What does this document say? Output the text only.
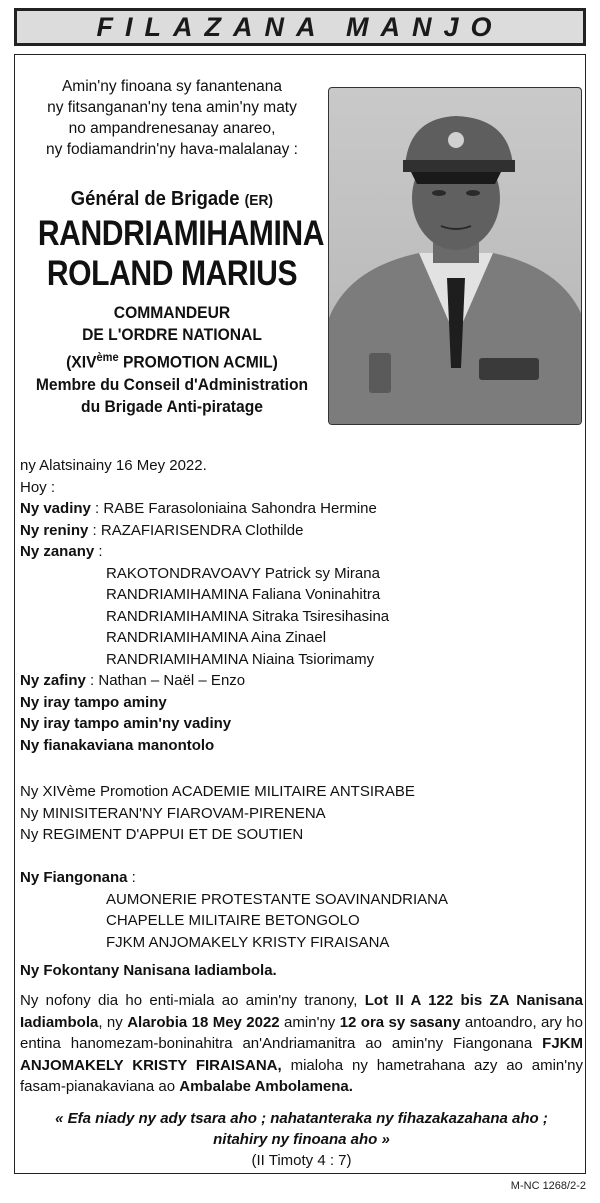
FILAZANA MANJO
Amin'ny finoana sy fanantenana
ny fitsanganan'ny tena amin'ny maty
no ampandrenesanay anareo,
ny fodiamandrin'ny hava-malalanay :
Général de Brigade (ER)
RANDRIAMIHAMINA
ROLAND MARIUS
COMMANDEUR
DE L'ORDRE NATIONAL
(XIVème PROMOTION ACMIL)
Membre du Conseil d'Administration
du Brigade Anti-piratage
ny Alatsinainy 16 Mey 2022.
Hoy :
Ny vadiny : RABE Farasoloniaina Sahondra Hermine
Ny reniny : RAZAFIARISENDRA Clothilde
Ny zanany :
RAKOTONDRAVOAVY Patrick sy Mirana
RANDRIAMIHAMINA Faliana Voninahitra
RANDRIAMIHAMINA Sitraka Tsiresihasina
RANDRIAMIHAMINA Aina Zinael
RANDRIAMIHAMINA Niaina Tsiorimamy
Ny zafiny : Nathan – Naël – Enzo
Ny iray tampo aminy
Ny iray tampo amin'ny vadiny
Ny fianakaviana manontolo
Ny XIVème Promotion ACADEMIE MILITAIRE ANTSIRABE
Ny MINISITERAN'NY FIAROVAM-PIRENENA
Ny REGIMENT D'APPUI ET DE SOUTIEN
Ny Fiangonana :
AUMONERIE PROTESTANTE SOAVINANDRIANA
CHAPELLE MILITAIRE BETONGOLO
FJKM ANJOMAKELY KRISTY FIRAISANA
Ny Fokontany Nanisana Iadiambola.
Ny nofony dia ho enti-miala ao amin'ny tranony, Lot II A 122 bis ZA Nanisana Iadiambola, ny Alarobia 18 Mey 2022 amin'ny 12 ora sy sasany antoandro, ary ho entina hanomezam-boninahitra an'Andriamanitra ao amin'ny Fiangonana FJKM ANJOMAKELY KRISTY FIRAISANA, mialoha ny hametrahana azy ao amin'ny fasam-pianakaviana ao Ambalabe Ambolamena.
« Efa niady ny ady tsara aho ; nahatanteraka ny fihazakazahana aho ;
nitahiry ny finoana aho »
(II Timoty 4 : 7)
M-NC 1268/2-2
